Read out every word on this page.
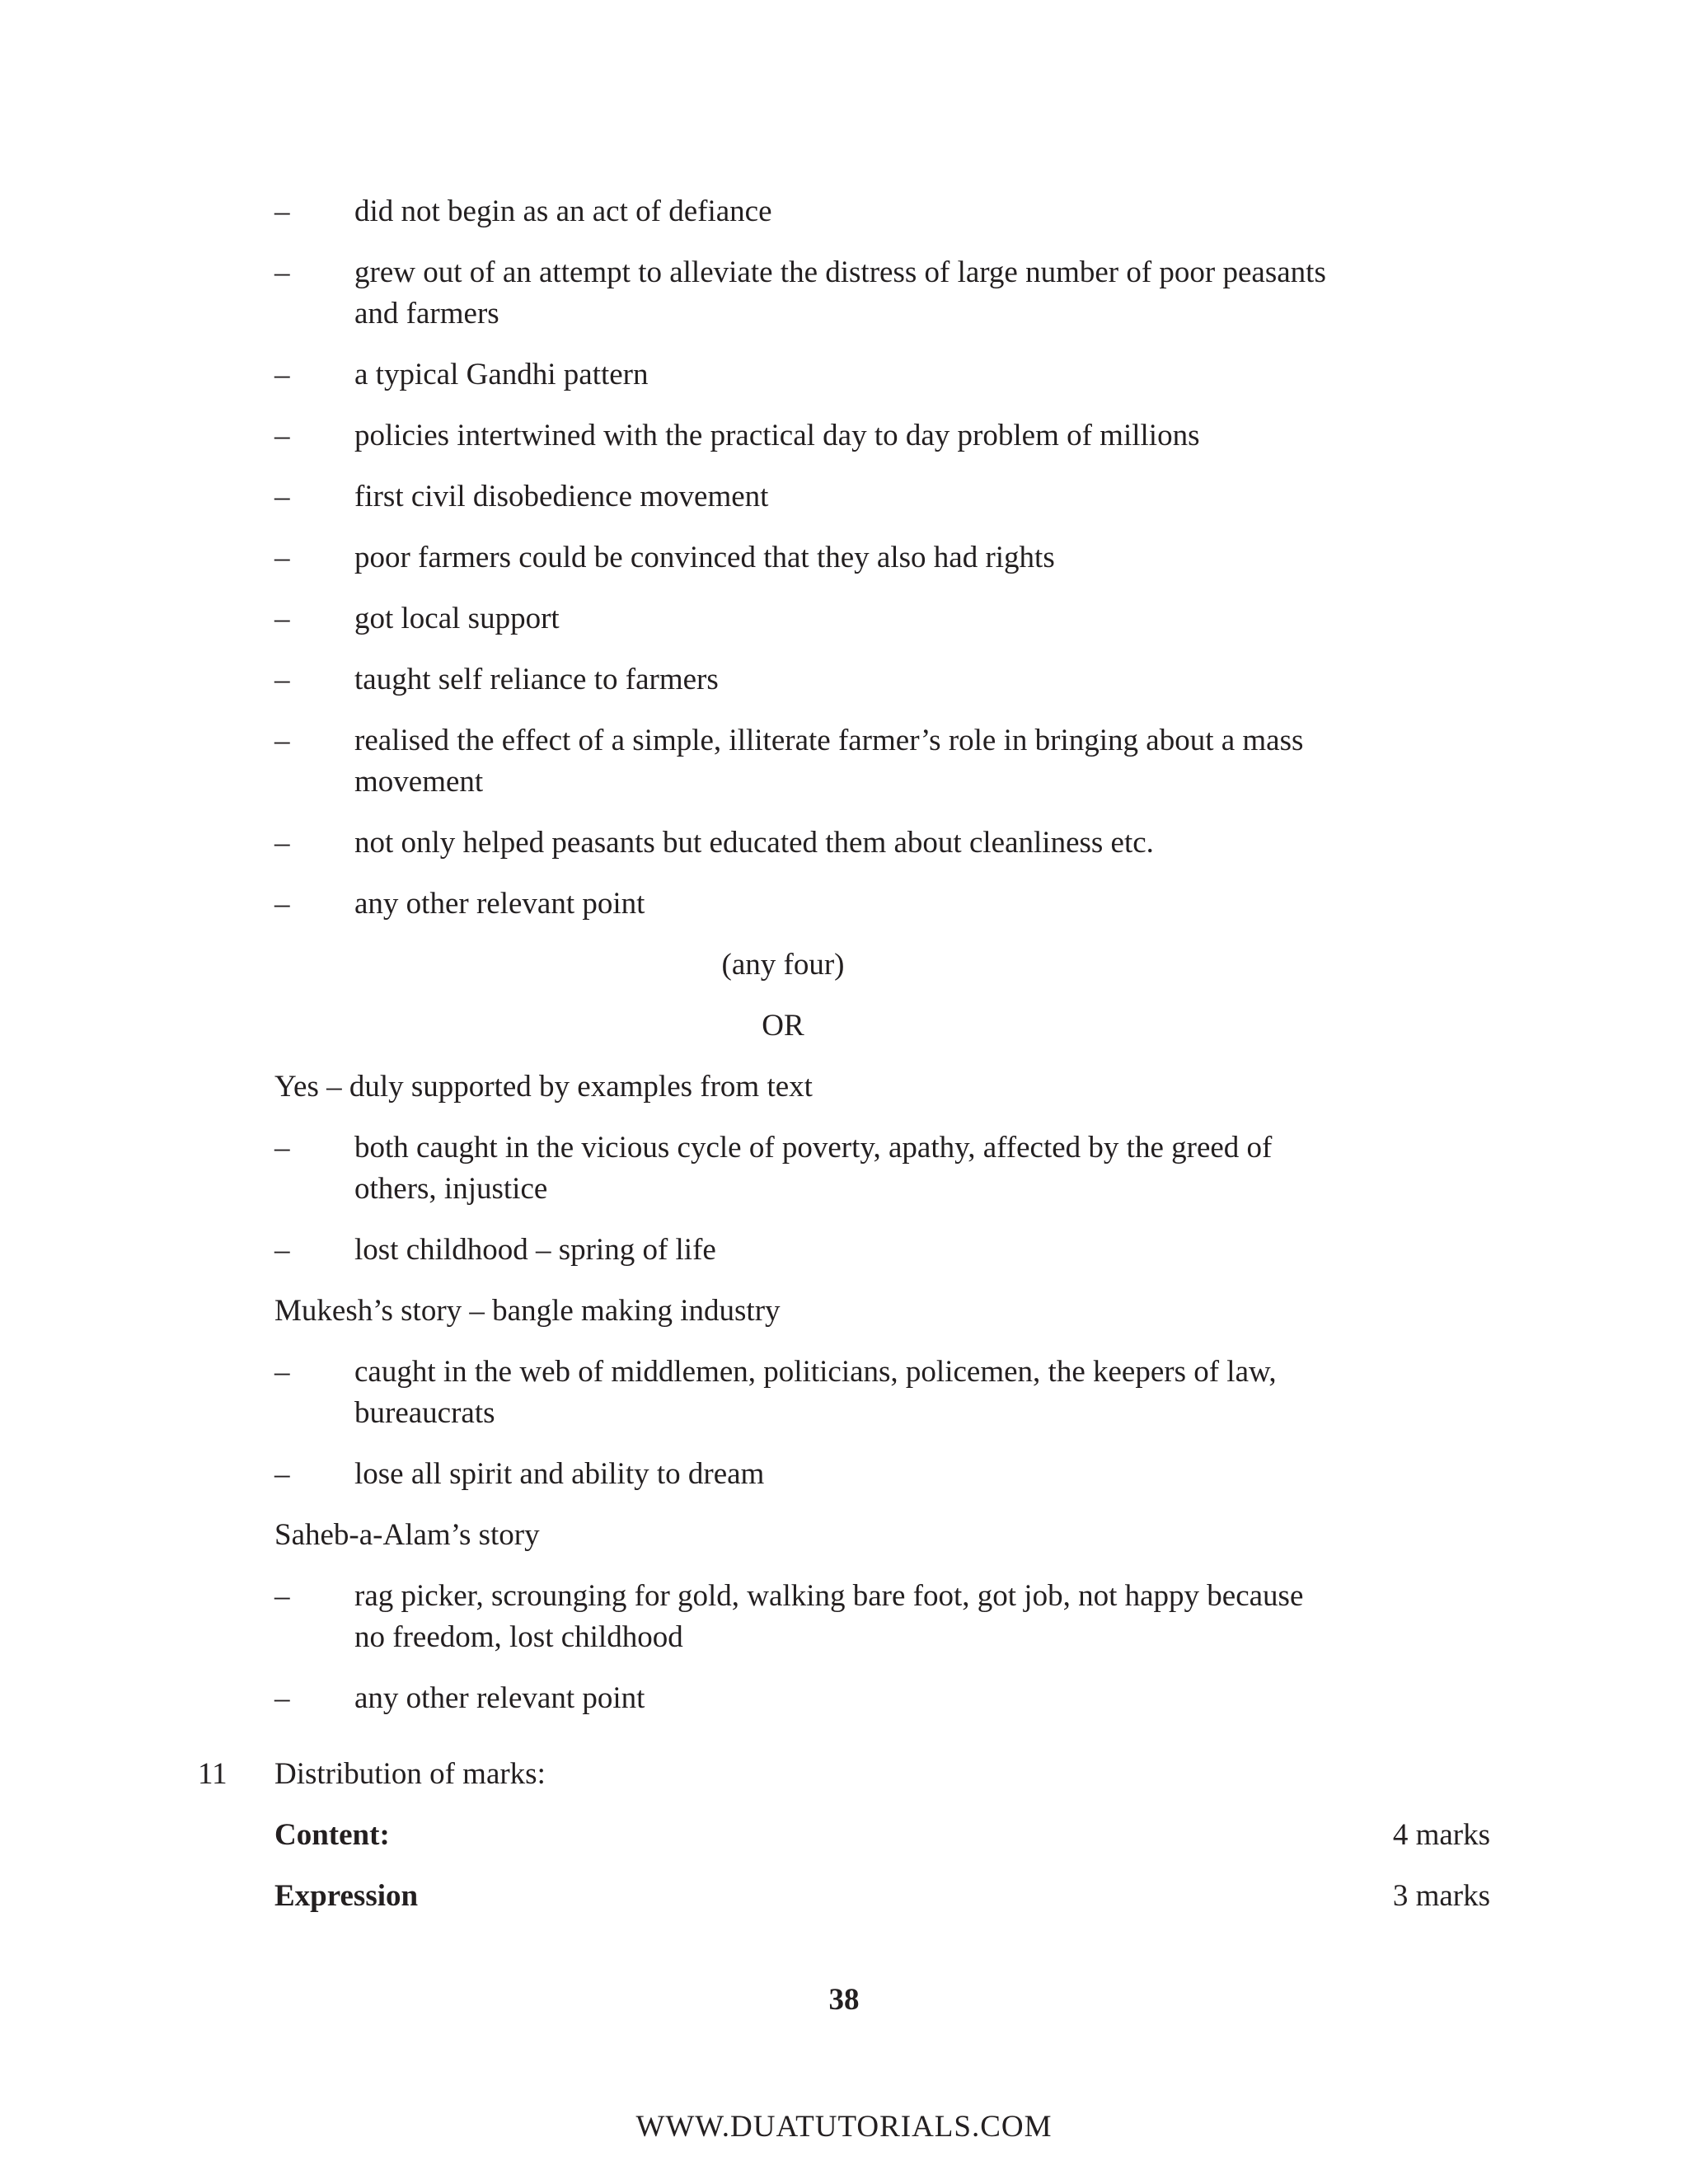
– did not begin as an act of defiance
– grew out of an attempt to alleviate the distress of large number of poor peasants
and farmers
– a typical Gandhi pattern
– policies intertwined with the practical day to day problem of millions
– first civil disobedience movement
– poor farmers could be convinced that they also had rights
– got local support
– taught self reliance to farmers
– realised the effect of a simple, illiterate farmer’s role in bringing about a mass
movement
– not only helped peasants but educated them about cleanliness etc.
– any other relevant point
(any four)
OR
Yes – duly supported by examples from text
– both caught in the vicious cycle of poverty, apathy, affected by the greed of
others, injustice
– lost childhood – spring of life
Mukesh’s story – bangle making industry
– caught in the web of middlemen, politicians, policemen, the keepers of law,
bureaucrats
– lose all spirit and ability to dream
Saheb-a-Alam’s story
– rag picker, scrounging for gold, walking bare foot, got job, not happy because
no freedom, lost childhood
– any other relevant point
11 Distribution of marks:
Content:	4 marks
Expression	3 marks
38
WWW.DUATUTORIALS.COM
